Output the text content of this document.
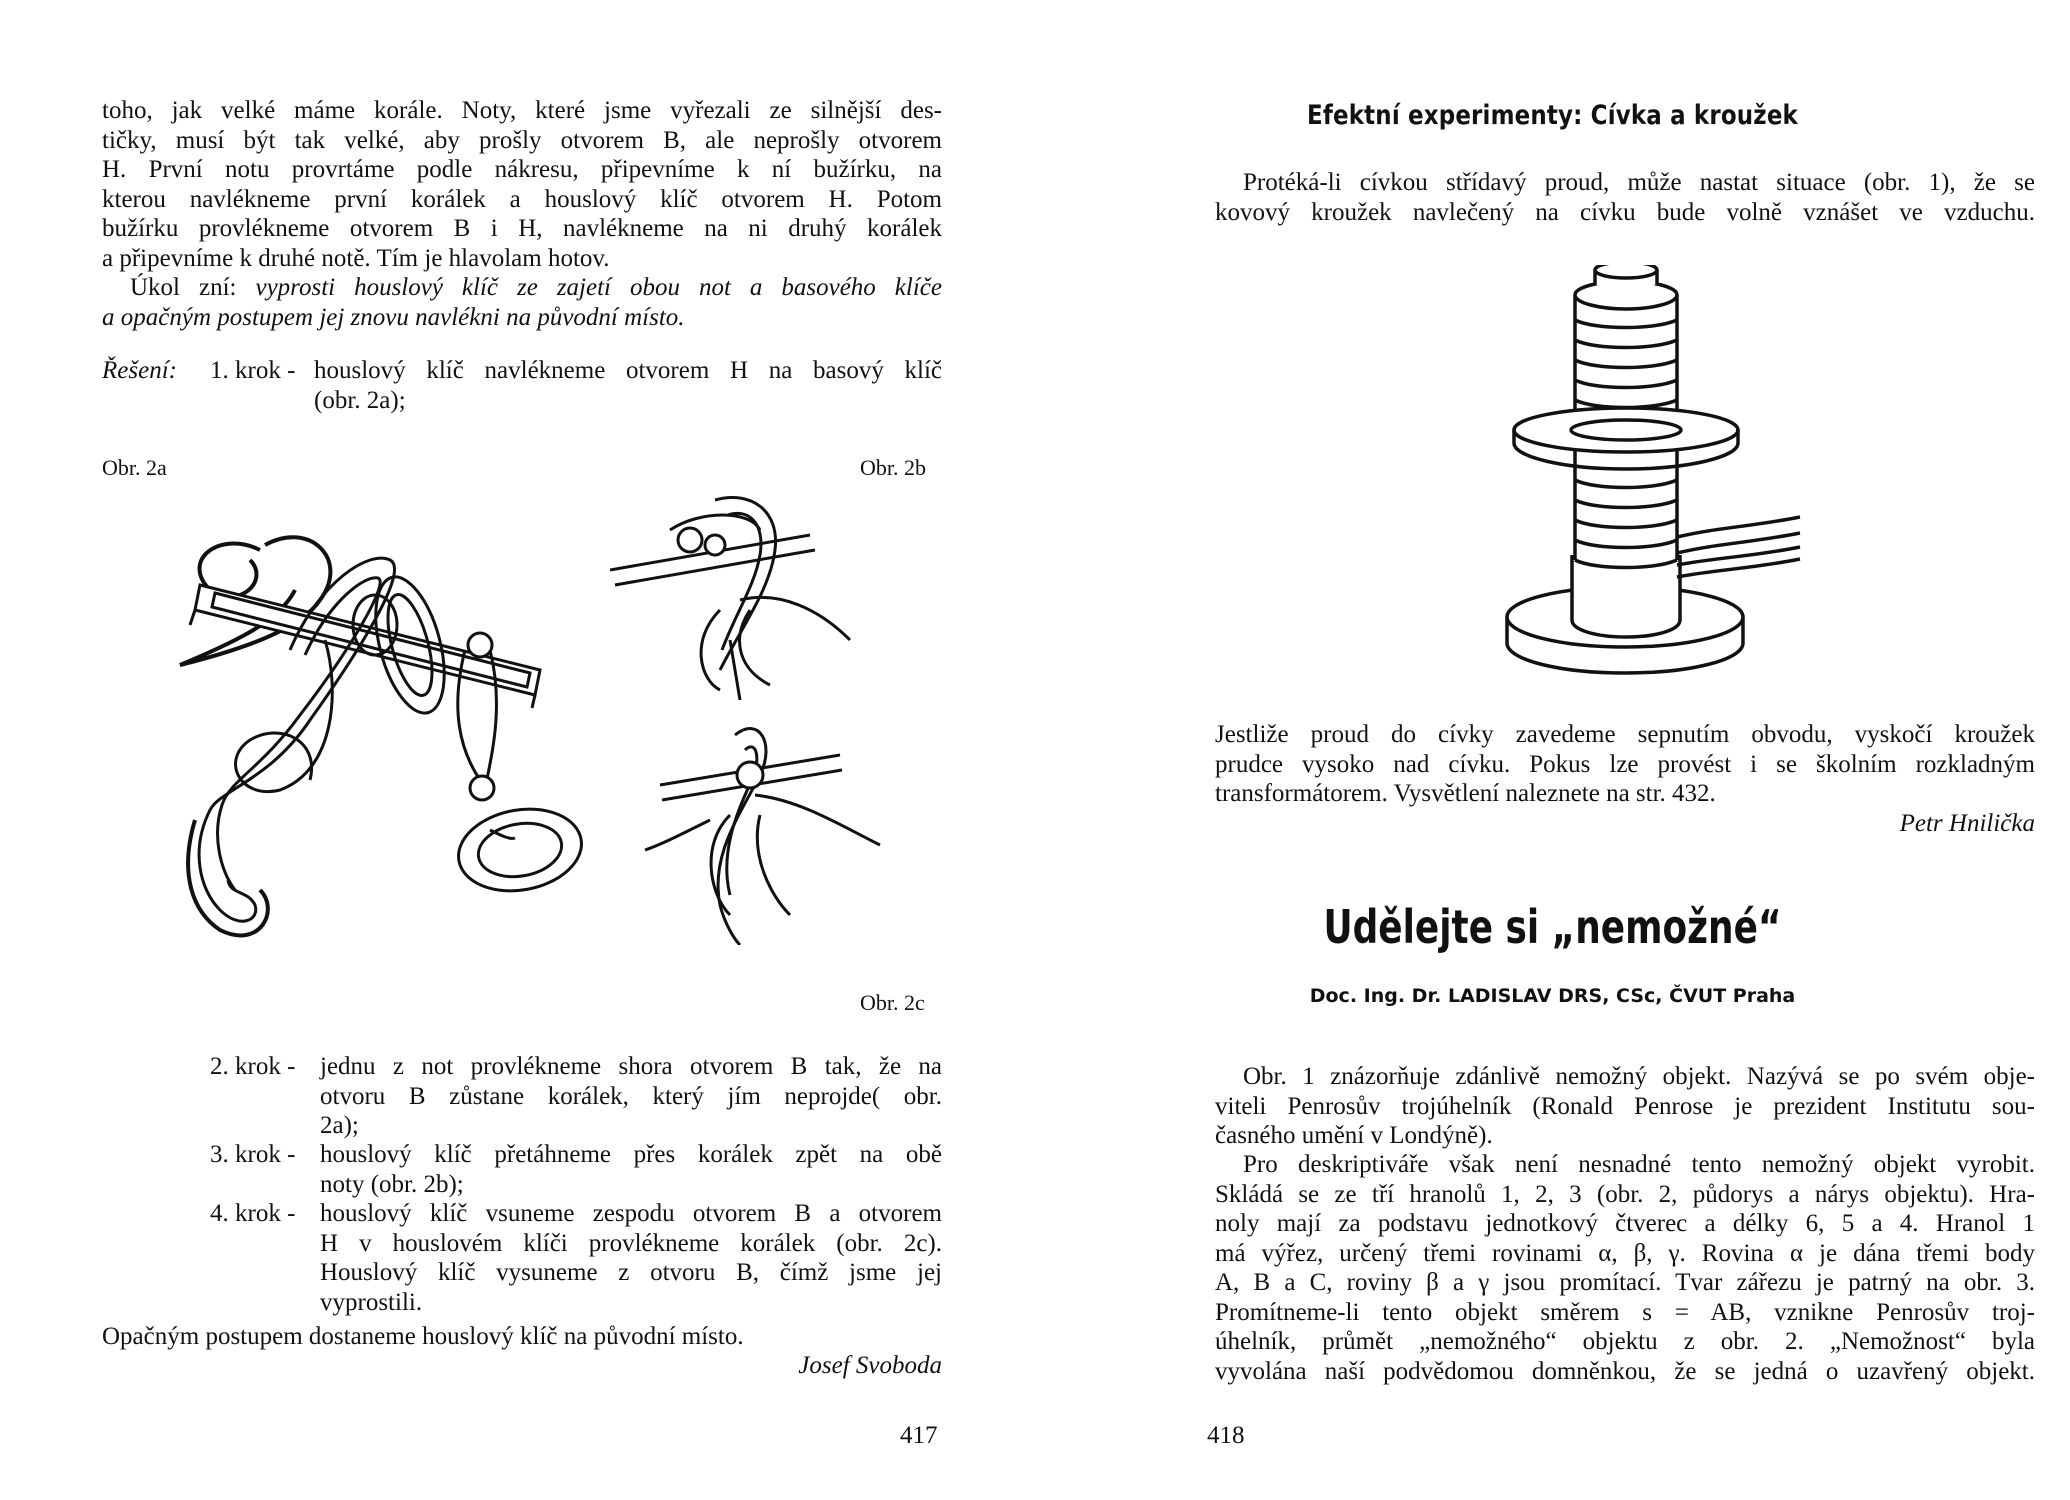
toho, jak velké máme korále. Noty, které jsme vyřezali ze silnější des-
tičky, musí být tak velké, aby prošly otvorem B, ale neprošly otvorem
H. První notu provrtáme podle nákresu, připevníme k ní bužírku, na
kterou navlékneme první korálek a houslový klíč otvorem H. Potom
bužírku provlékneme otvorem B i H, navlékneme na ni druhý korálek
a připevníme k druhé notě. Tím je hlavolam hotov.
Úkol zní: vyprosti houslový klíč ze zajetí obou not a basového klíče
a opačným postupem jej znovu navlékni na původní místo.
Řešení: 1. krok - houslový klíč navlékneme otvorem H na basový klíč
(obr. 2a);
Obr. 2a	Obr. 2b
Obr. 2c
2. krok - jednu z not provlékneme shora otvorem B tak, že na
otvoru B zůstane korálek, který jím neprojde( obr.
2a);
3. krok - houslový klíč přetáhneme přes korálek zpět na obě
noty (obr. 2b);
4. krok - houslový klíč vsuneme zespodu otvorem B a otvorem
H v houslovém klíči provlékneme korálek (obr. 2c).
Houslový klíč vysuneme z otvoru B, čímž jsme jej
vyprostili.
Opačným postupem dostaneme houslový klíč na původní místo.
Josef Svoboda
417
Efektní experimenty: Cívka a kroužek
Protéká-li cívkou střídavý proud, může nastat situace (obr. 1), že se
kovový kroužek navlečený na cívku bude volně vznášet ve vzduchu.
Jestliže proud do cívky zavedeme sepnutím obvodu, vyskočí kroužek
prudce vysoko nad cívku. Pokus lze provést i se školním rozkladným
transformátorem. Vysvětlení naleznete na str. 432.
Petr Hnilička
Udělejte si „nemožné“
Doc. Ing. Dr. LADISLAV DRS, CSc, ČVUT Praha
Obr. 1 znázorňuje zdánlivě nemožný objekt. Nazývá se po svém obje-
viteli Penrosův trojúhelník (Ronald Penrose je prezident Institutu sou-
časného umění v Londýně).
Pro deskriptiváře však není nesnadné tento nemožný objekt vyrobit.
Skládá se ze tří hranolů 1, 2, 3 (obr. 2, půdorys a nárys objektu). Hra-
noly mají za podstavu jednotkový čtverec a délky 6, 5 a 4. Hranol 1
má výřez, určený třemi rovinami α, β, γ. Rovina α je dána třemi body
A, B a C, roviny β a γ jsou promítací. Tvar zářezu je patrný na obr. 3.
Promítneme-li tento objekt směrem s = AB, vznikne Penrosův troj-
úhelník, průmět „nemožného“ objektu z obr. 2. „Nemožnost“ byla
vyvolána naší podvědomou domněnkou, že se jedná o uzavřený objekt.
418
